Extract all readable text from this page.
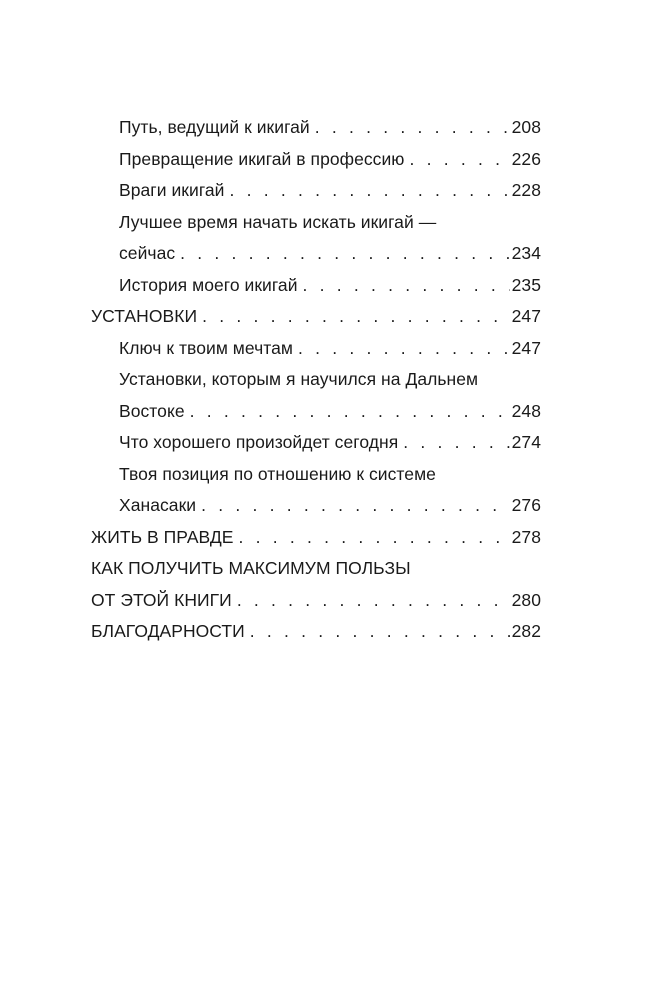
Путь, ведущий к икигай . . .	208
Превращение икигай в профессию . . .	226
Враги икигай . . .	228
Лучшее время начать искать икигай —
сейчас . . .	234
История моего икигай . . .	235
УСТАНОВКИ . . .	247
Ключ к твоим мечтам . . .	247
Установки, которым я научился на Дальнем
Востоке . . .	248
Что хорошего произойдет сегодня . . .	274
Твоя позиция по отношению к системе
Ханасаки . . .	276
ЖИТЬ В ПРАВДЕ . . .	278
КАК ПОЛУЧИТЬ МАКСИМУМ ПОЛЬЗЫ
ОТ ЭТОЙ КНИГИ . . .	280
БЛАГОДАРНОСТИ . . .	282
